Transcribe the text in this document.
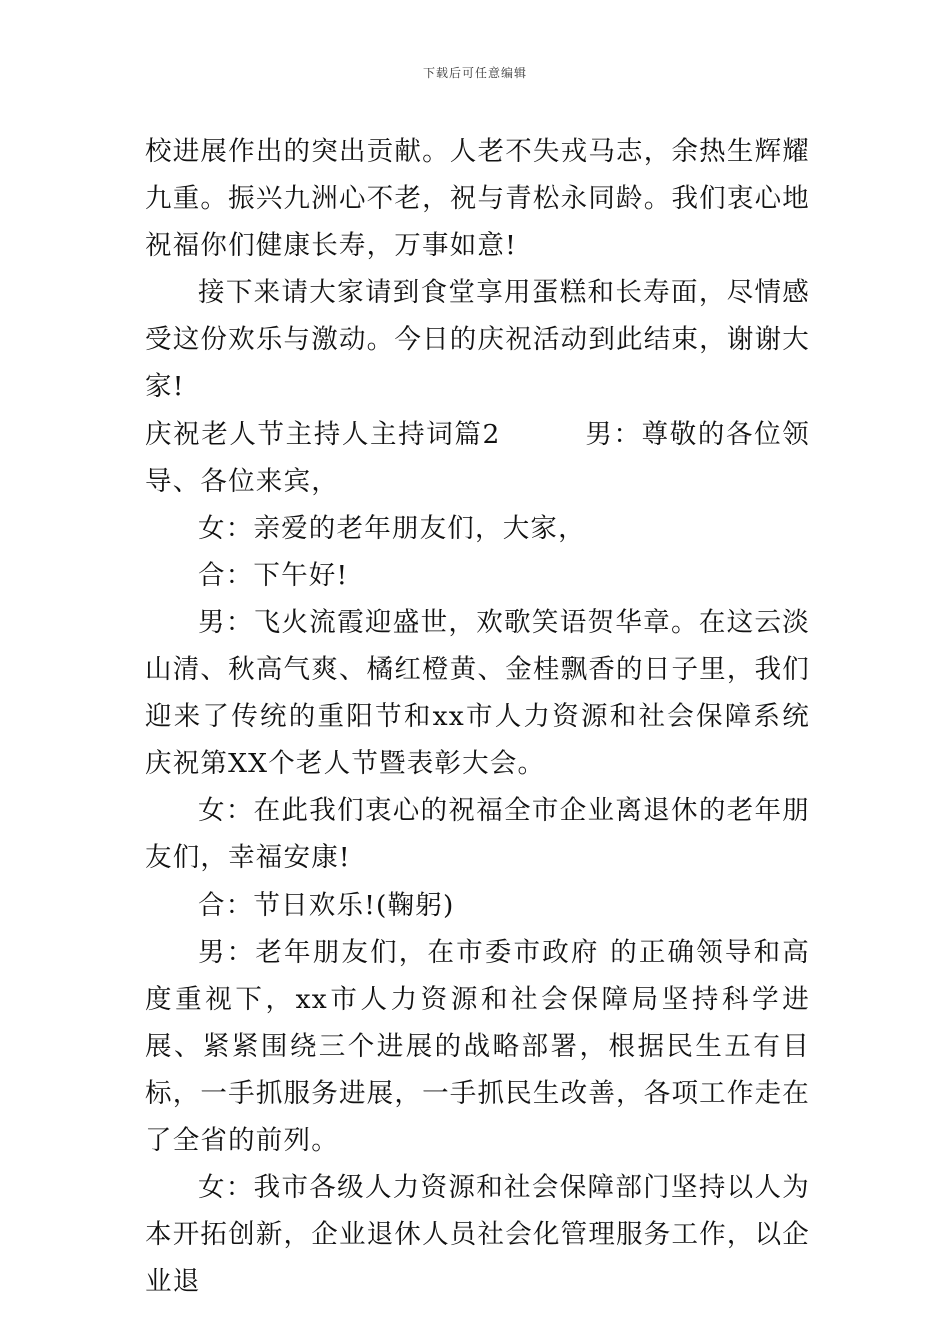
下载后可任意编辑

校进展作出的突出贡献。人老不失戎马志，余热生辉耀九重。振兴九洲心不老，祝与青松永同龄。我们衷心地祝福你们健康长寿，万事如意!

接下来请大家请到食堂享用蛋糕和长寿面，尽情感受这份欢乐与激动。今日的庆祝活动到此结束，谢谢大家!

庆祝老人节主持人主持词篇2　　　男：尊敬的各位领导、各位来宾，

女：亲爱的老年朋友们，大家，

合：下午好!

男：飞火流霞迎盛世，欢歌笑语贺华章。在这云淡山清、秋高气爽、橘红橙黄、金桂飘香的日子里，我们迎来了传统的重阳节和xx市人力资源和社会保障系统庆祝第XX个老人节暨表彰大会。

女：在此我们衷心的祝福全市企业离退休的老年朋友们，幸福安康!

合：节日欢乐!(鞠躬)

男：老年朋友们，在市委市政府 的正确领导和高度重视下，xx市人力资源和社会保障局坚持科学进展、紧紧围绕三个进展的战略部署，根据民生五有目标，一手抓服务进展，一手抓民生改善，各项工作走在了全省的前列。

女：我市各级人力资源和社会保障部门坚持以人为本开拓创新，企业退休人员社会化管理服务工作，以企业退
